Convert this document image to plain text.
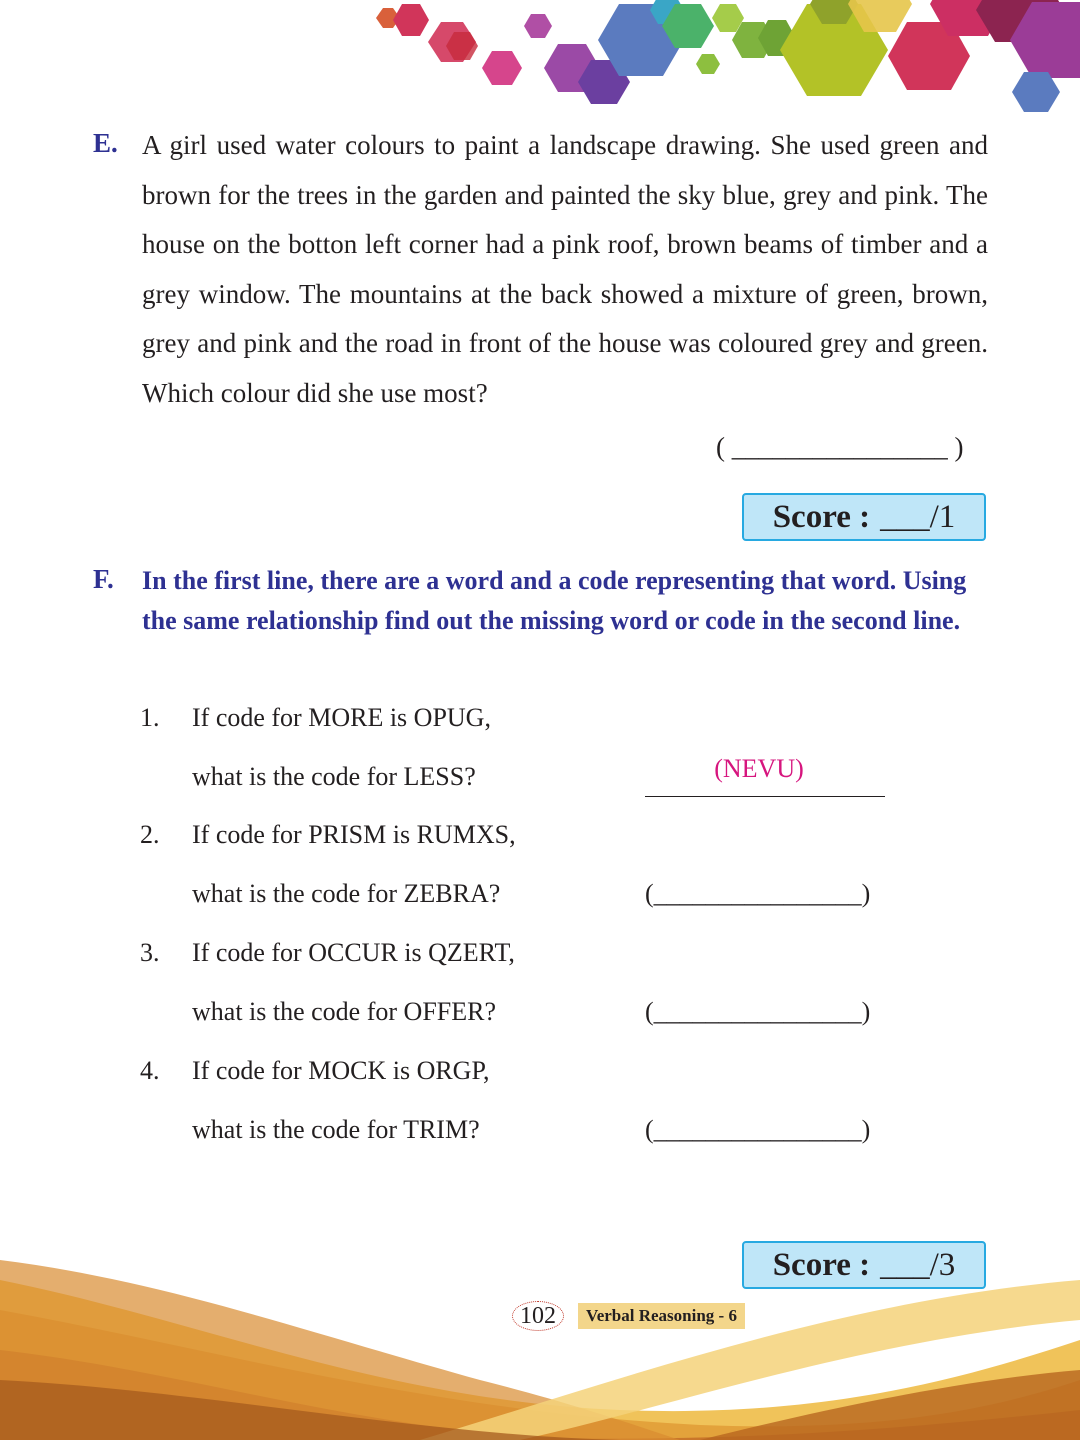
E. A girl used water colours to paint a landscape drawing. She used green and brown for the trees in the garden and painted the sky blue, grey and pink. The house on the botton left corner had a pink roof, brown beams of timber and a grey window. The mountains at the back showed a mixture of green, brown, grey and pink and the road in front of the house was coloured grey and green. Which colour did she use most?

( ________________ )
Score : ___/1
F. In the first line, there are a word and a code representing that word. Using the same relationship find out the missing word or code in the second line.

1. If code for MORE is OPUG,
what is the code for LESS?	(NEVU)
2. If code for PRISM is RUMXS,
what is the code for ZEBRA?	(________________)
3. If code for OCCUR is QZERT,
what is the code for OFFER?	(________________)
4. If code for MOCK is ORGP,
what is the code for TRIM?	(________________)
Score : ___/3
102	Verbal Reasoning - 6
